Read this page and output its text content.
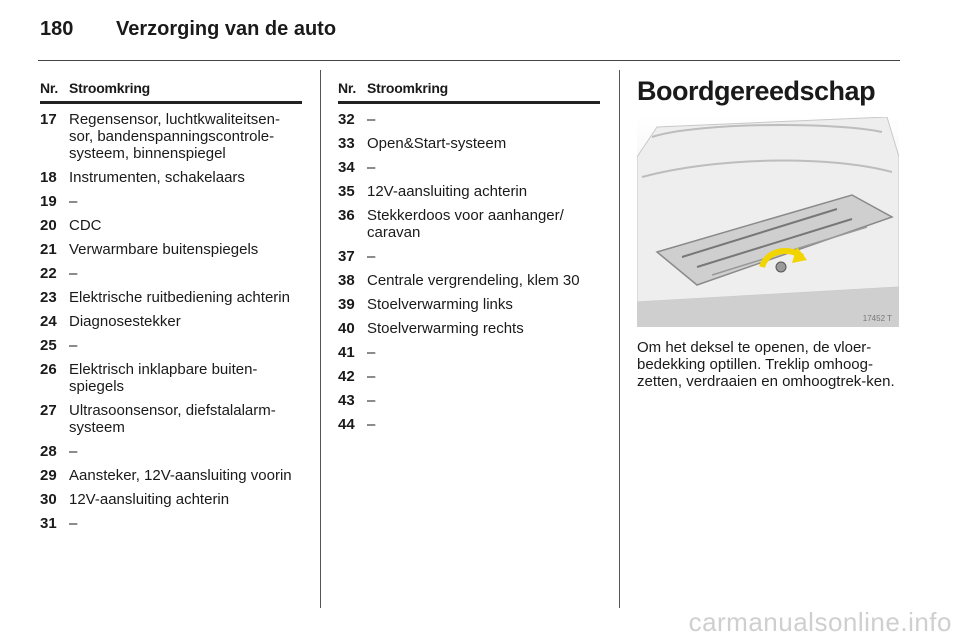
180 Verzorging van de auto
Nr. Stroomkring
17 Regensensor, luchtkwaliteitsen-sor, bandenspanningscontrole-systeem, binnenspiegel
18 Instrumenten, schakelaars
19 –
20 CDC
21 Verwarmbare buitenspiegels
22 –
23 Elektrische ruitbediening achterin
24 Diagnosestekker
25 –
26 Elektrisch inklapbare buiten-spiegels
27 Ultrasoonsensor, diefstalalarm-systeem
28 –
29 Aansteker, 12V-aansluiting voorin
30 12V-aansluiting achterin
31 –
Nr. Stroomkring
32 –
33 Open&Start-systeem
34 –
35 12V-aansluiting achterin
36 Stekkerdoos voor aanhanger/ caravan
37 –
38 Centrale vergrendeling, klem 30
39 Stoelverwarming links
40 Stoelverwarming rechts
41 –
42 –
43 –
44 –
Boordgereedschap
17452 T
Om het deksel te openen, de vloer-bedekking optillen. Treklip omhoog-zetten, verdraaien en omhoogtrek-ken.
carmanualsonline.info
